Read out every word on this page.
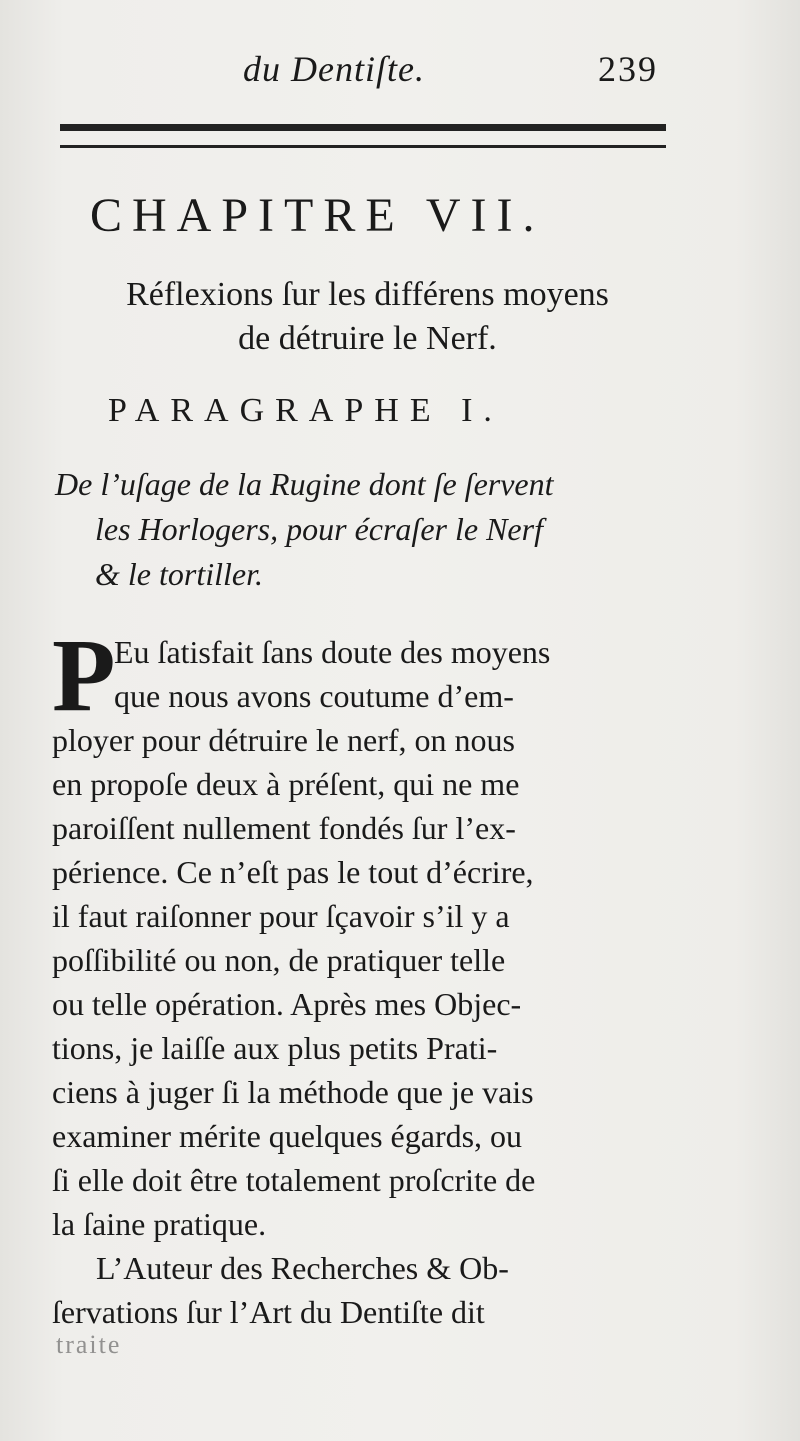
du Dentiſte.	239
CHAPITRE VII.
Réflexions ſur les différens moyens
de détruire le Nerf.
PARAGRAPHE I.
De l’uſage de la Rugine dont ſe ſervent
les Horlogers, pour écraſer le Nerf
& le tortiller.
P
Eu ſatisfait ſans doute des moyens
que nous avons coutume d’em-
ployer pour détruire le nerf, on nous
en propoſe deux à préſent, qui ne me
paroiſſent nullement fondés ſur l’ex-
périence. Ce n’eſt pas le tout d’écrire,
il faut raiſonner pour ſçavoir s’il y a
poſſibilité ou non, de pratiquer telle
ou telle opération. Après mes Objec-
tions, je laiſſe aux plus petits Prati-
ciens à juger ſi la méthode que je vais
examiner mérite quelques égards, ou
ſi elle doit être totalement proſcrite de
la ſaine pratique.
L’Auteur des Recherches & Ob-
ſervations ſur l’Art du Dentiſte dit
traite
